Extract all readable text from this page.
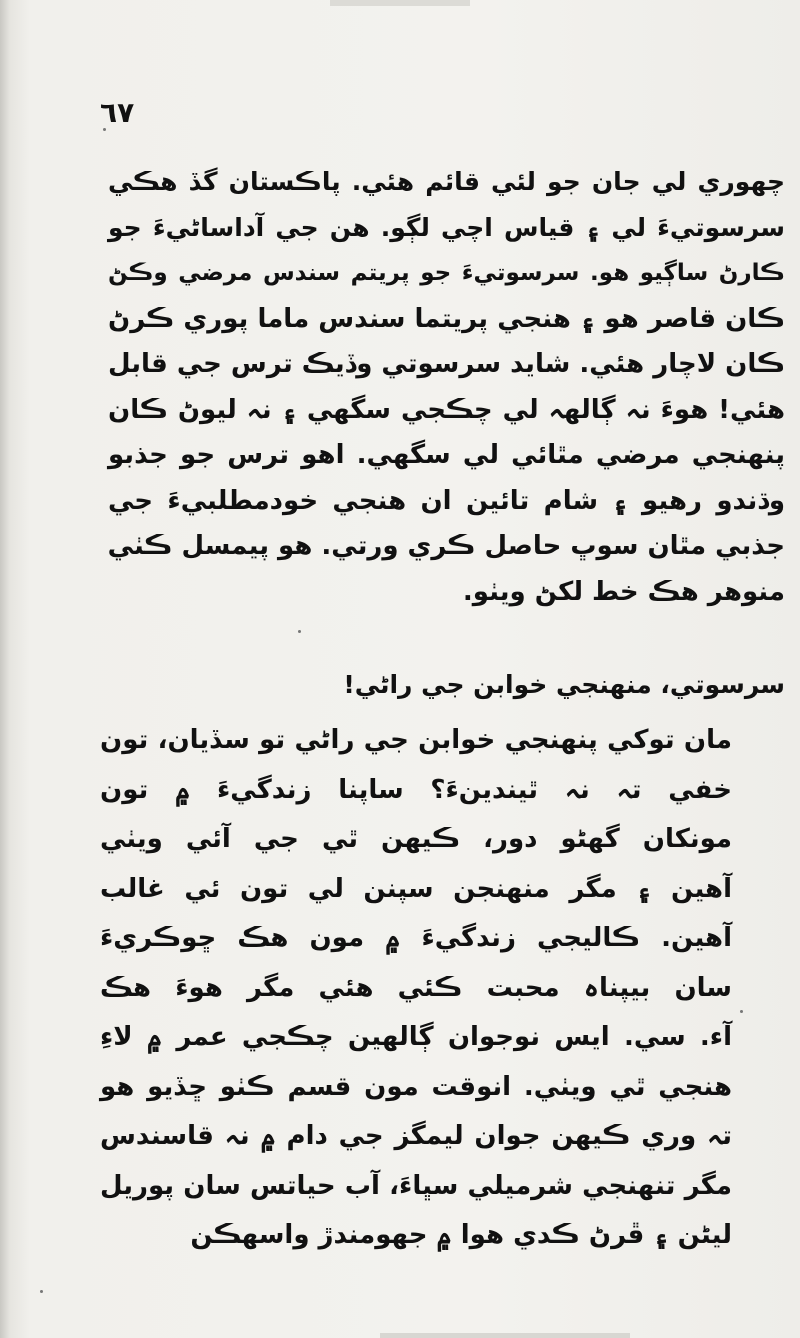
٦٧
چھوري لي جان جو لئي قائم ھئي. پاڪستان گڏ ھڪي
سرسوتيءَ لي ۽ قياس اچي لڳو. ھن جي آداساڻيءَ جو
ڪارڻ ساڳيو ھو. سرسوتيءَ جو پريتم سندس مرضي وڪڻ
ڪان قاصر ھو ۽ ھنجي پريتما سندس ماما پوري ڪرڻ
ڪان لاچار ھئي. شايد سرسوتي وڏيڪ ترس جي قابل
ھئي! ھوءَ نہ ڳالھہ لي چڪجي سگھي ۽ نہ ليوڻ ڪان
پنھنجي مرضي مٿائي لي سگھي. اھو ترس جو جذبو
وڌندو رھيو ۽ شام تائين ان ھنجي خودمطلبيءَ جي
جذبي مٿان سوڀ حاصل ڪري ورتي. ھو پيمسل ڪٺي
منوھر ھڪ خط لکڻ ويٺو.
سرسوتي، منھنجي خوابن جي راڻي!
مان توکي پنھنجي خوابن جي راڻي تو سڏيان، تون
خفي تہ نہ ٿيندينءَ؟ ساپنا زندگيءَ ۾ تون
مونکان گھڻو دور، ڪيھن ٿي جي آئي ويٺي
آھين ۽ مگر منھنجن سپنن لي تون ئي غالب
آھين. ڪاليجي زندگيءَ ۾ مون ھڪ ڇوڪريءَ
سان بيپناہ محبت ڪئي ھئي مگر ھوءَ ھڪ
آء. سي. ايس نوجوان ڳالھين چڪجي عمر ۾ لاءِ
ھنجي ٿي ويٺي. انوقت مون قسم ڪٺو ڇڏيو ھو
تہ وري ڪيھن جوان ليمگز جي دام ۾ نہ قاسندس
مگر تنھنجي شرميلي سڀاءَ، آب حياتس سان پوريل
ليڻن ۽ ڦرڻ ڪدي ھوا ۾ جھومندڙ واسھڪن
